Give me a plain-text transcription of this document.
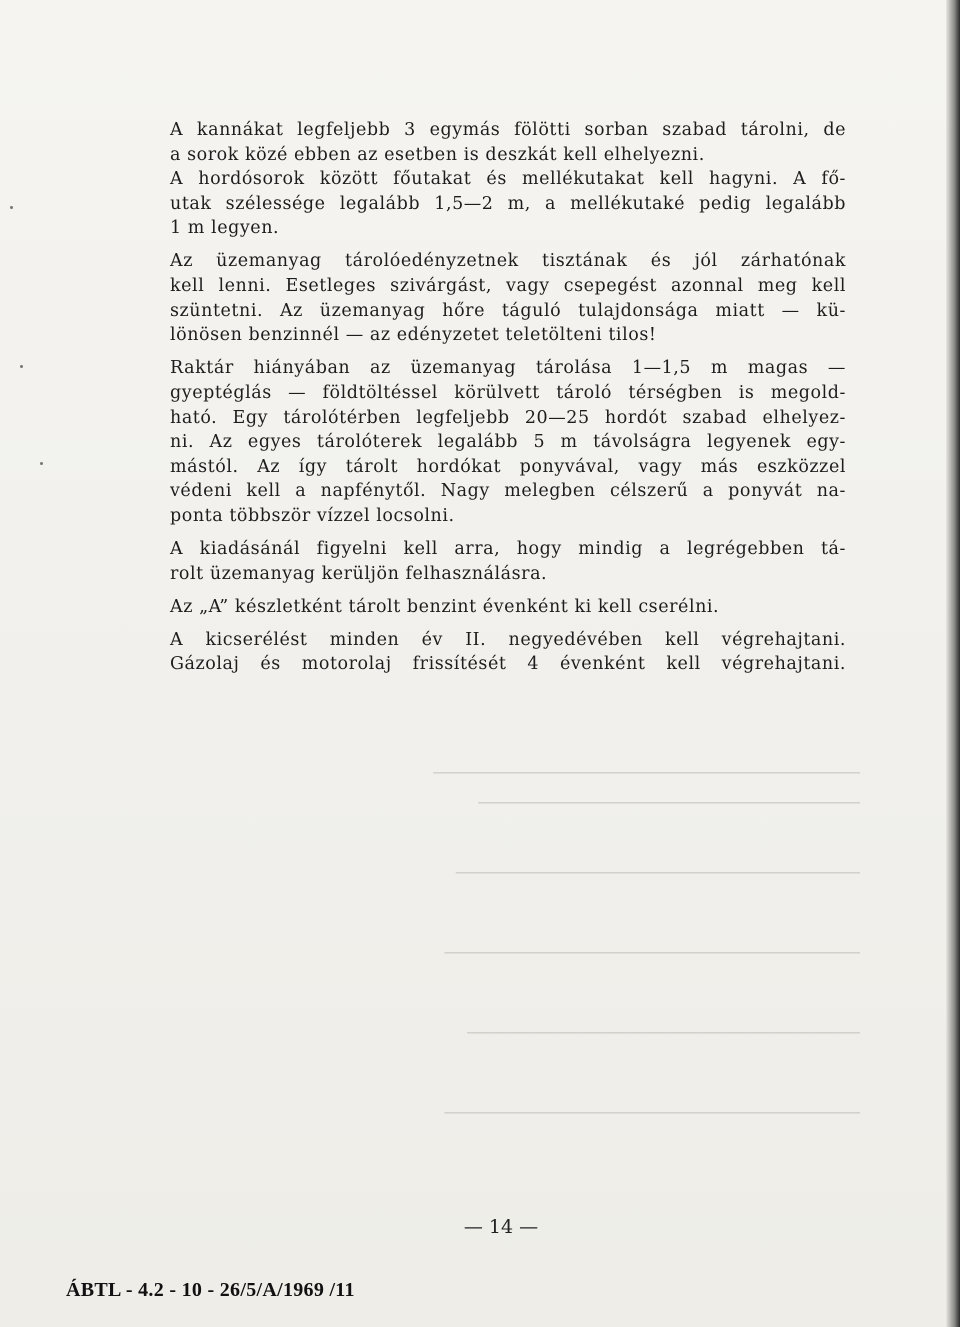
──────────────────────────────────────
──────────────────────────────────
────────────────────────────────────
─────────────────────────────────────
───────────────────────────────────
─────────────────────────────────────
A kannákat legfeljebb 3 egymás fölötti sorban szabad tárolni, de
a sorok közé ebben az esetben is deszkát kell elhelyezni.
A hordósorok között főutakat és mellékutakat kell hagyni. A fő-
utak szélessége legalább 1,5—2 m, a mellékutaké pedig legalább
1 m legyen.
Az üzemanyag tárolóedényzetnek tisztának és jól zárhatónak
kell lenni. Esetleges szivárgást, vagy csepegést azonnal meg kell
szüntetni. Az üzemanyag hőre táguló tulajdonsága miatt — kü-
lönösen benzinnél — az edényzetet teletölteni tilos!
Raktár hiányában az üzemanyag tárolása 1—1,5 m magas —
gyeptéglás — földtöltéssel körülvett tároló térségben is megold-
ható. Egy tárolótérben legfeljebb 20—25 hordót szabad elhelyez-
ni. Az egyes tárolóterek legalább 5 m távolságra legyenek egy-
mástól. Az így tárolt hordókat ponyvával, vagy más eszközzel
védeni kell a napfénytől. Nagy melegben célszerű a ponyvát na-
ponta többször vízzel locsolni.
A kiadásánál figyelni kell arra, hogy mindig a legrégebben tá-
rolt üzemanyag kerüljön felhasználásra.
Az „A” készletként tárolt benzint évenként ki kell cserélni.
A kicserélést minden év II. negyedévében kell végrehajtani.
Gázolaj és motorolaj frissítését 4 évenként kell végrehajtani.
— 14 —
ÁBTL - 4.2 - 10 - 26/5/A/1969 /11
